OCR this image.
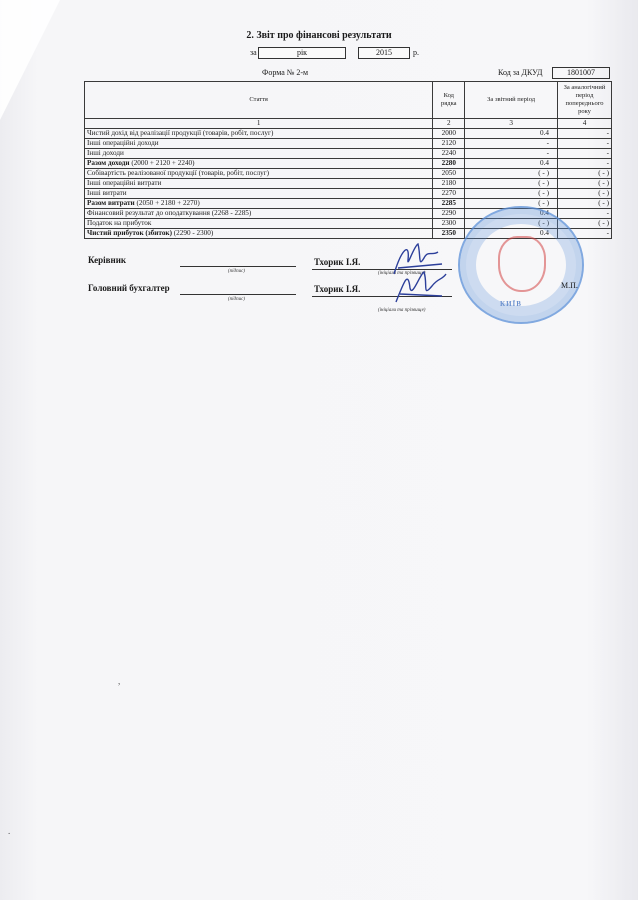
2. Звіт про фінансові результати
за	рік	2015	р.
Форма № 2-м	Код за ДКУД	1801007
Стаття	Код рядка	За звітний період	За аналогічний період попереднього року
1	2	3	4
Чистий дохід від реалізації продукції (товарів, робіт, послуг)	2000	0.4	-
Інші операційні доходи	2120	-	-
Інші доходи	2240	-	-
Разом доходи (2000 + 2120 + 2240)	2280	0.4	-
Собівартість реалізованої продукції (товарів, робіт, послуг)	2050	( - )	( - )
Інші операційні витрати	2180	( - )	( - )
Інші витрати	2270	( - )	( - )
Разом витрати (2050 + 2180 + 2270)	2285	( - )	( - )
Фінансовий результат до оподаткування (2268 - 2285)	2290	0.4	-
Податок на прибуток	2300	( - )	( - )
Чистий прибуток (збиток) (2290 - 2300)	2350	0.4	-
Керівник
(підпис)
Тхорик І.Я.
(ініціали та прізвище)
Головний бухгалтер
(підпис)
Тхорик І.Я.
(ініціали та прізвище)
КИЇВ
М.П.
,
.
